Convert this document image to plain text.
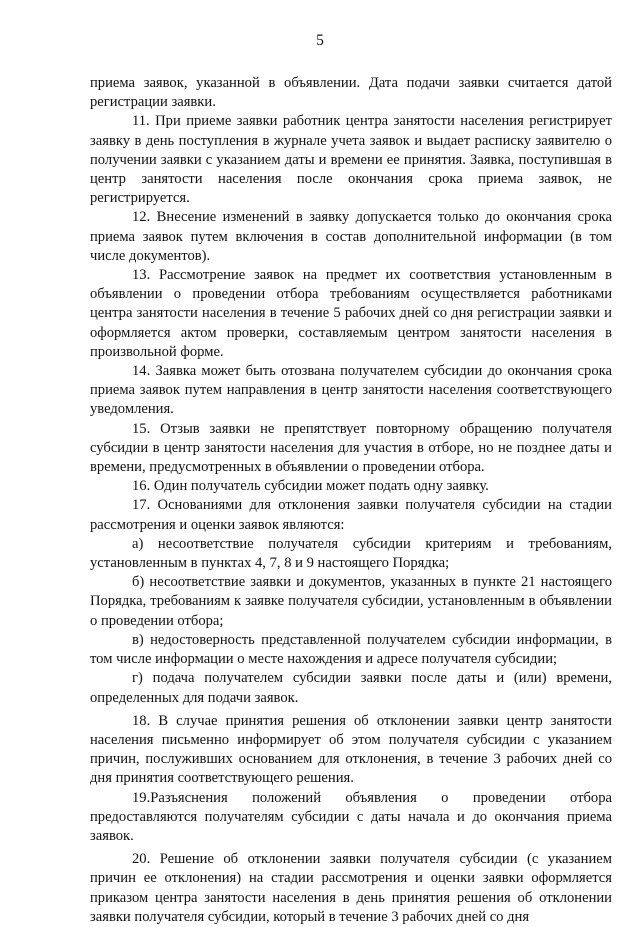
5

приема заявок, указанной в объявлении. Дата подачи заявки считается датой регистрации заявки.

11. При приеме заявки работник центра занятости населения регистрирует заявку в день поступления в журнале учета заявок и выдает расписку заявителю о получении заявки с указанием даты и времени ее принятия. Заявка, поступившая в центр занятости населения после окончания срока приема заявок, не регистрируется.

12. Внесение изменений в заявку допускается только до окончания срока приема заявок путем включения в состав дополнительной информации (в том числе документов).

13. Рассмотрение заявок на предмет их соответствия установленным в объявлении о проведении отбора требованиям осуществляется работниками центра занятости населения в течение 5 рабочих дней со дня регистрации заявки и оформляется актом проверки, составляемым центром занятости населения в произвольной форме.

14. Заявка может быть отозвана получателем субсидии до окончания срока приема заявок путем направления в центр занятости населения соответствующего уведомления.

15. Отзыв заявки не препятствует повторному обращению получателя субсидии в центр занятости населения для участия в отборе, но не позднее даты и времени, предусмотренных в объявлении о проведении отбора.

16. Один получатель субсидии может подать одну заявку.

17. Основаниями для отклонения заявки получателя субсидии на стадии рассмотрения и оценки заявок являются:

а) несоответствие получателя субсидии критериям и требованиям, установленным в пунктах 4, 7, 8 и 9 настоящего Порядка;

б) несоответствие заявки и документов, указанных в пункте 21 настоящего Порядка, требованиям к заявке получателя субсидии, установленным в объявлении о проведении отбора;

в) недостоверность представленной получателем субсидии информации, в том числе информации о месте нахождения и адресе получателя субсидии;

г) подача получателем субсидии заявки после даты и (или) времени, определенных для подачи заявок.

18. В случае принятия решения об отклонении заявки центр занятости населения письменно информирует об этом получателя субсидии с указанием причин, послуживших основанием для отклонения, в течение 3 рабочих дней со дня принятия соответствующего решения.

19.Разъяснения положений объявления о проведении отбора предоставляются получателям субсидии с даты начала и до окончания приема заявок.

20. Решение об отклонении заявки получателя субсидии (с указанием причин ее отклонения) на стадии рассмотрения и оценки заявки оформляется приказом центра занятости населения в день принятия решения об отклонении заявки получателя субсидии, который в течение 3 рабочих дней со дня
